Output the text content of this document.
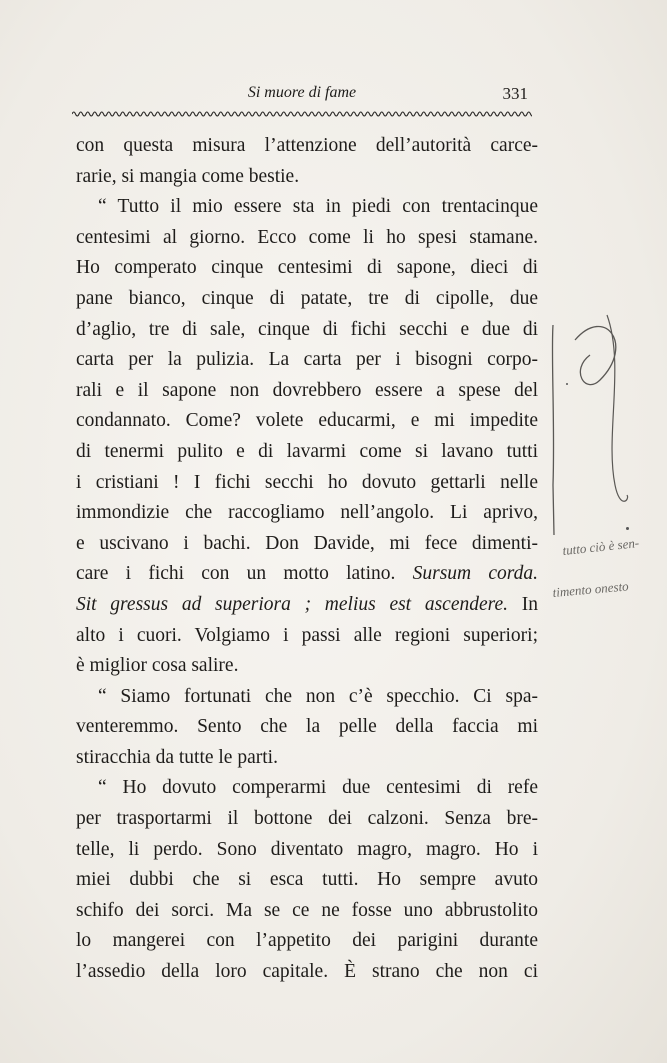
Si muore di fame	331
con questa misura l’attenzione dell’autorità carce-
rarie, si mangia come bestie.
“ Tutto il mio essere sta in piedi con trentacinque
centesimi al giorno. Ecco come li ho spesi stamane.
Ho comperato cinque centesimi di sapone, dieci di
pane bianco, cinque di patate, tre di cipolle, due
d’aglio, tre di sale, cinque di fichi secchi e due di
carta per la pulizia. La carta per i bisogni corpo-
rali e il sapone non dovrebbero essere a spese del
condannato. Come? volete educarmi, e mi impedite
di tenermi pulito e di lavarmi come si lavano tutti
i cristiani ! I fichi secchi ho dovuto gettarli nelle
immondizie che raccogliamo nell’angolo. Li aprivo,
e uscivano i bachi. Don Davide, mi fece dimenti-
care i fichi con un motto latino. Sursum corda.
Sit gressus ad superiora ; melius est ascendere. In
alto i cuori. Volgiamo i passi alle regioni superiori;
è miglior cosa salire.
“ Siamo fortunati che non c’è specchio. Ci spa-
venteremmo. Sento che la pelle della faccia mi
stiracchia da tutte le parti.
“ Ho dovuto comperarmi due centesimi di refe
per trasportarmi il bottone dei calzoni. Senza bre-
telle, li perdo. Sono diventato magro, magro. Ho i
miei dubbi che si esca tutti. Ho sempre avuto
schifo dei sorci. Ma se ce ne fosse uno abbrustolito
lo mangerei con l’appetito dei parigini durante
l’assedio della loro capitale. È strano che non ci
tutto ciò è sen-
timento onesto
